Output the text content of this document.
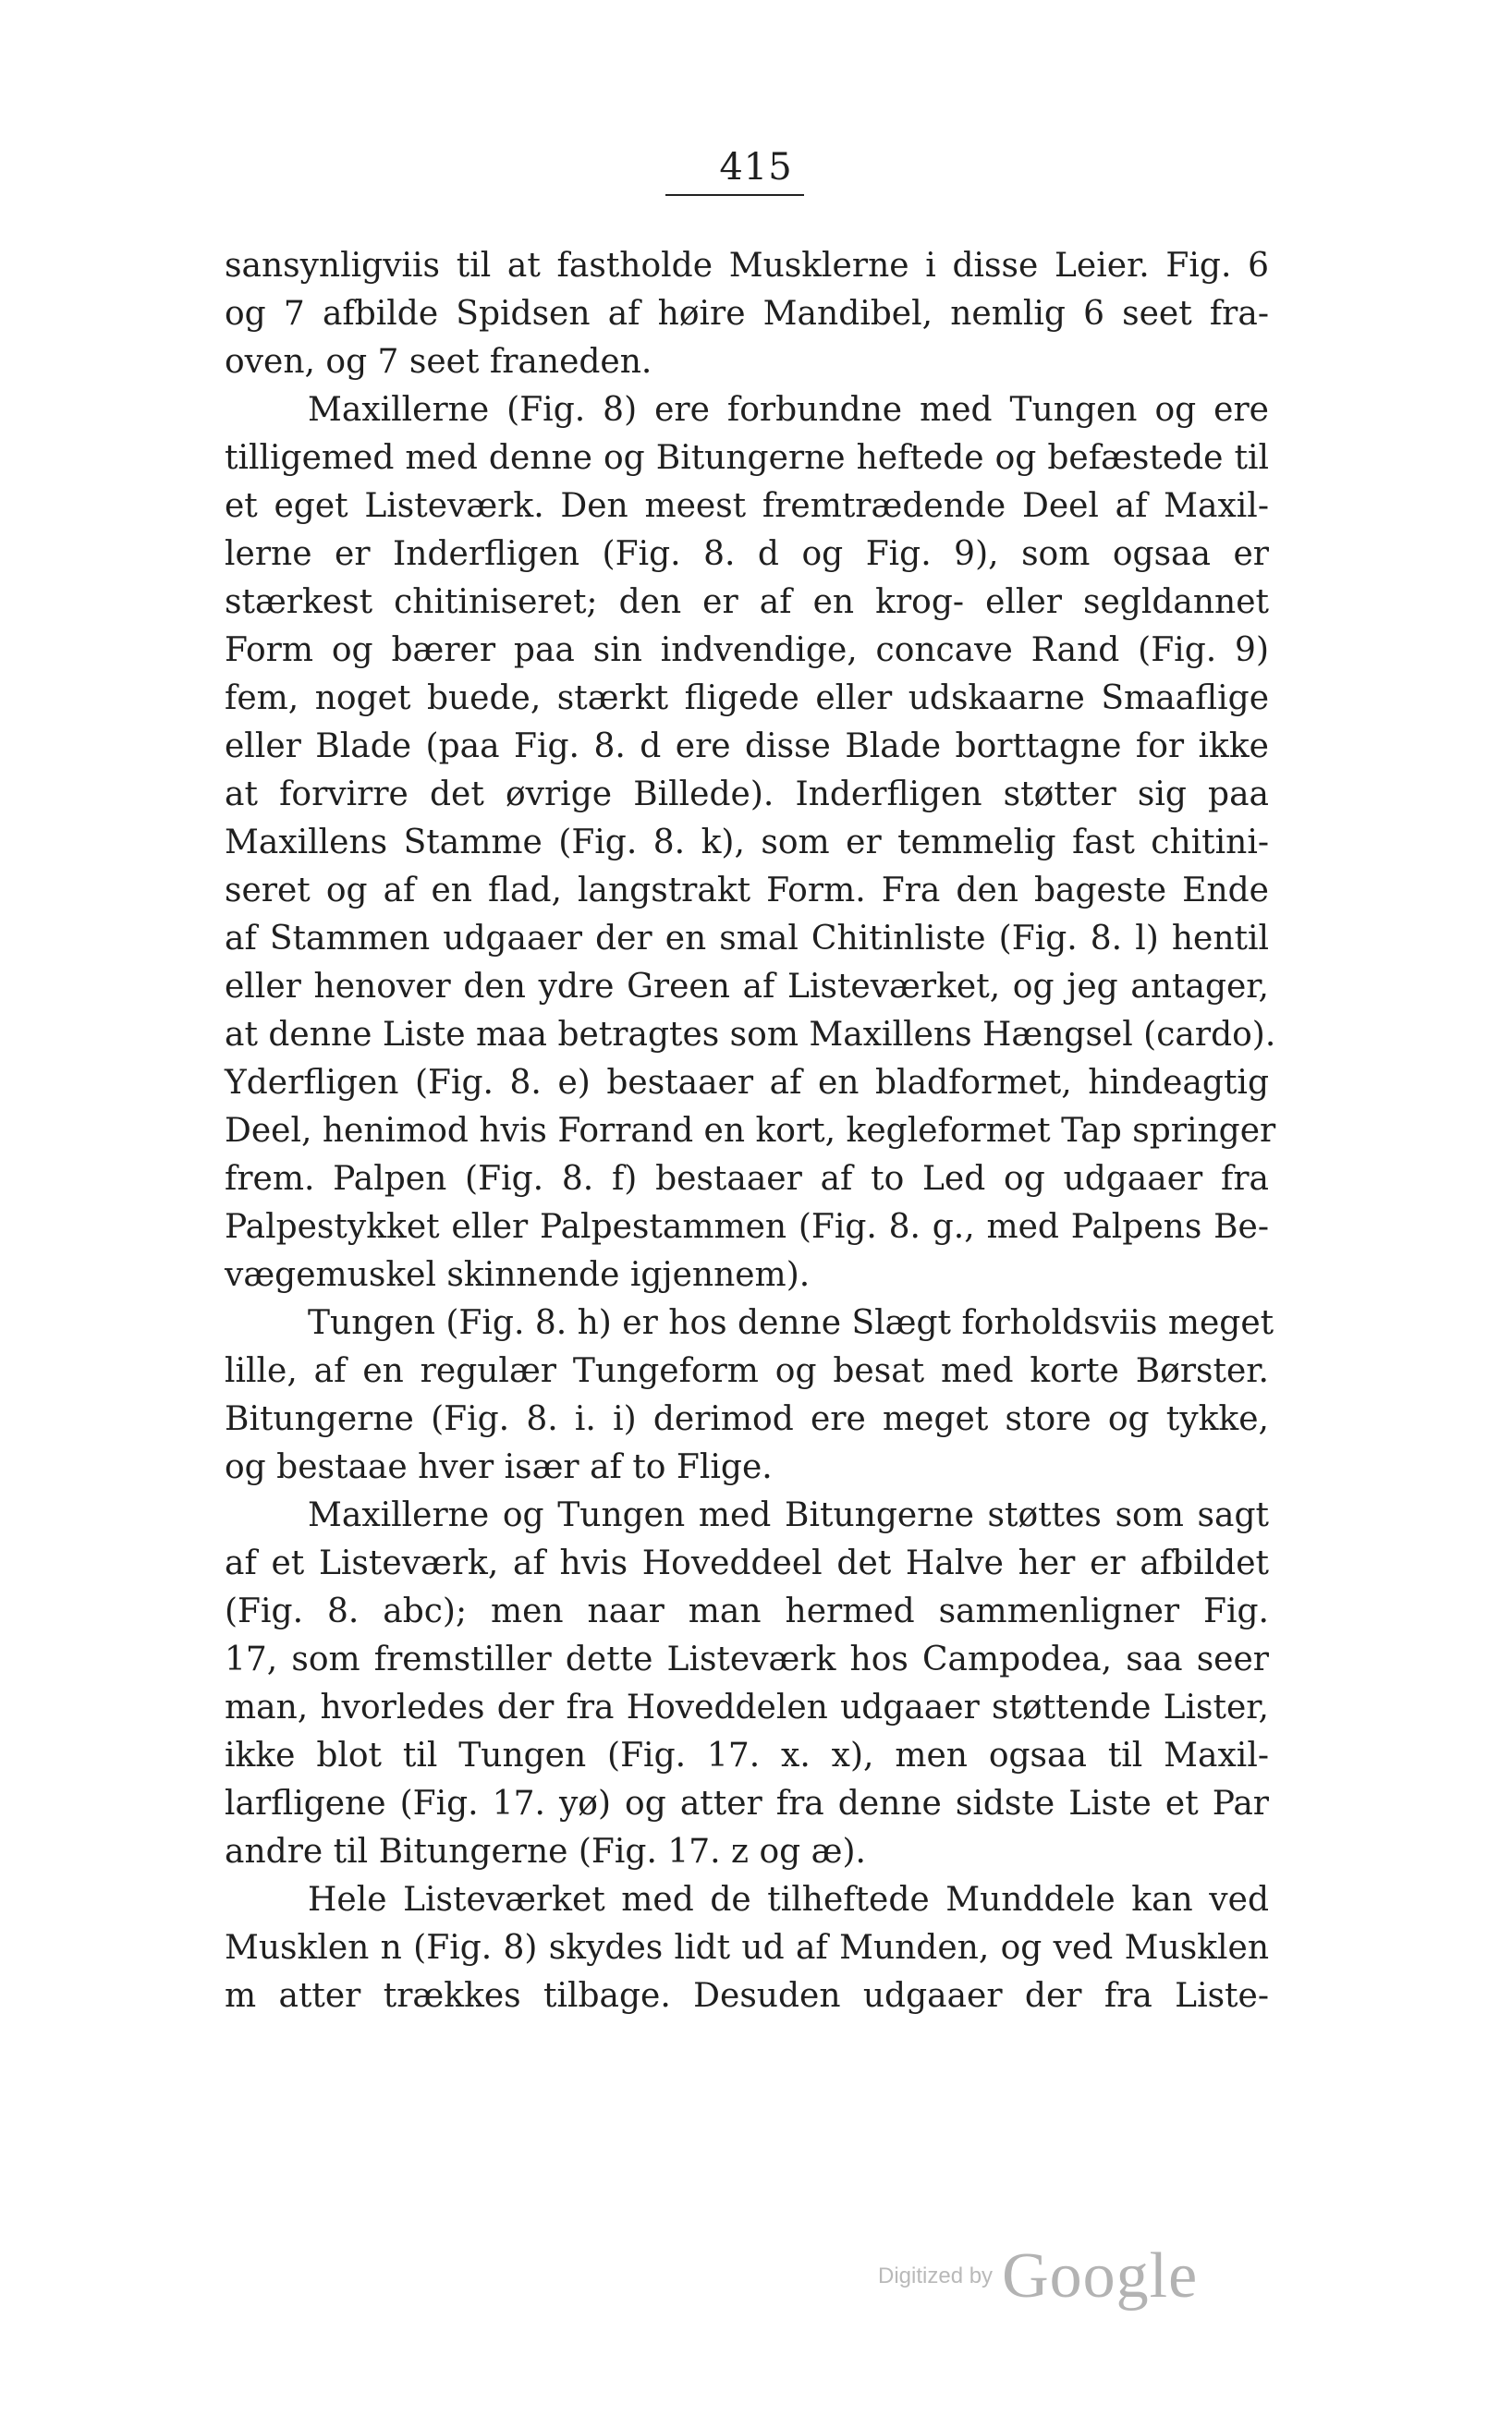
415
sansynligviis til at fastholde Musklerne i disse Leier. Fig. 6
og 7 afbilde Spidsen af høire Mandibel, nemlig 6 seet fra-
oven, og 7 seet franeden.
Maxillerne (Fig. 8) ere forbundne med Tungen og ere
tilligemed med denne og Bitungerne heftede og befæstede til
et eget Listeværk. Den meest fremtrædende Deel af Maxil-
lerne er Inderfligen (Fig. 8. d og Fig. 9), som ogsaa er
stærkest chitiniseret; den er af en krog- eller segldannet
Form og bærer paa sin indvendige, concave Rand (Fig. 9)
fem, noget buede, stærkt fligede eller udskaarne Smaaflige
eller Blade (paa Fig. 8. d ere disse Blade borttagne for ikke
at forvirre det øvrige Billede). Inderfligen støtter sig paa
Maxillens Stamme (Fig. 8. k), som er temmelig fast chitini-
seret og af en flad, langstrakt Form. Fra den bageste Ende
af Stammen udgaaer der en smal Chitinliste (Fig. 8. l) hentil
eller henover den ydre Green af Listeværket, og jeg antager,
at denne Liste maa betragtes som Maxillens Hængsel (cardo).
Yderfligen (Fig. 8. e) bestaaer af en bladformet, hindeagtig
Deel, henimod hvis Forrand en kort, kegleformet Tap springer
frem. Palpen (Fig. 8. f) bestaaer af to Led og udgaaer fra
Palpestykket eller Palpestammen (Fig. 8. g., med Palpens Be-
vægemuskel skinnende igjennem).
Tungen (Fig. 8. h) er hos denne Slægt forholdsviis meget
lille, af en regulær Tungeform og besat med korte Børster.
Bitungerne (Fig. 8. i. i) derimod ere meget store og tykke,
og bestaae hver især af to Flige.
Maxillerne og Tungen med Bitungerne støttes som sagt
af et Listeværk, af hvis Hoveddeel det Halve her er afbildet
(Fig. 8. abc); men naar man hermed sammenligner Fig.
17, som fremstiller dette Listeværk hos Campodea, saa seer
man, hvorledes der fra Hoveddelen udgaaer støttende Lister,
ikke blot til Tungen (Fig. 17. x. x), men ogsaa til Maxil-
larfligene (Fig. 17. yø) og atter fra denne sidste Liste et Par
andre til Bitungerne (Fig. 17. z og æ).
Hele Listeværket med de tilheftede Munddele kan ved
Musklen n (Fig. 8) skydes lidt ud af Munden, og ved Musklen
m atter trækkes tilbage. Desuden udgaaer der fra Liste-
Digitized by Google
